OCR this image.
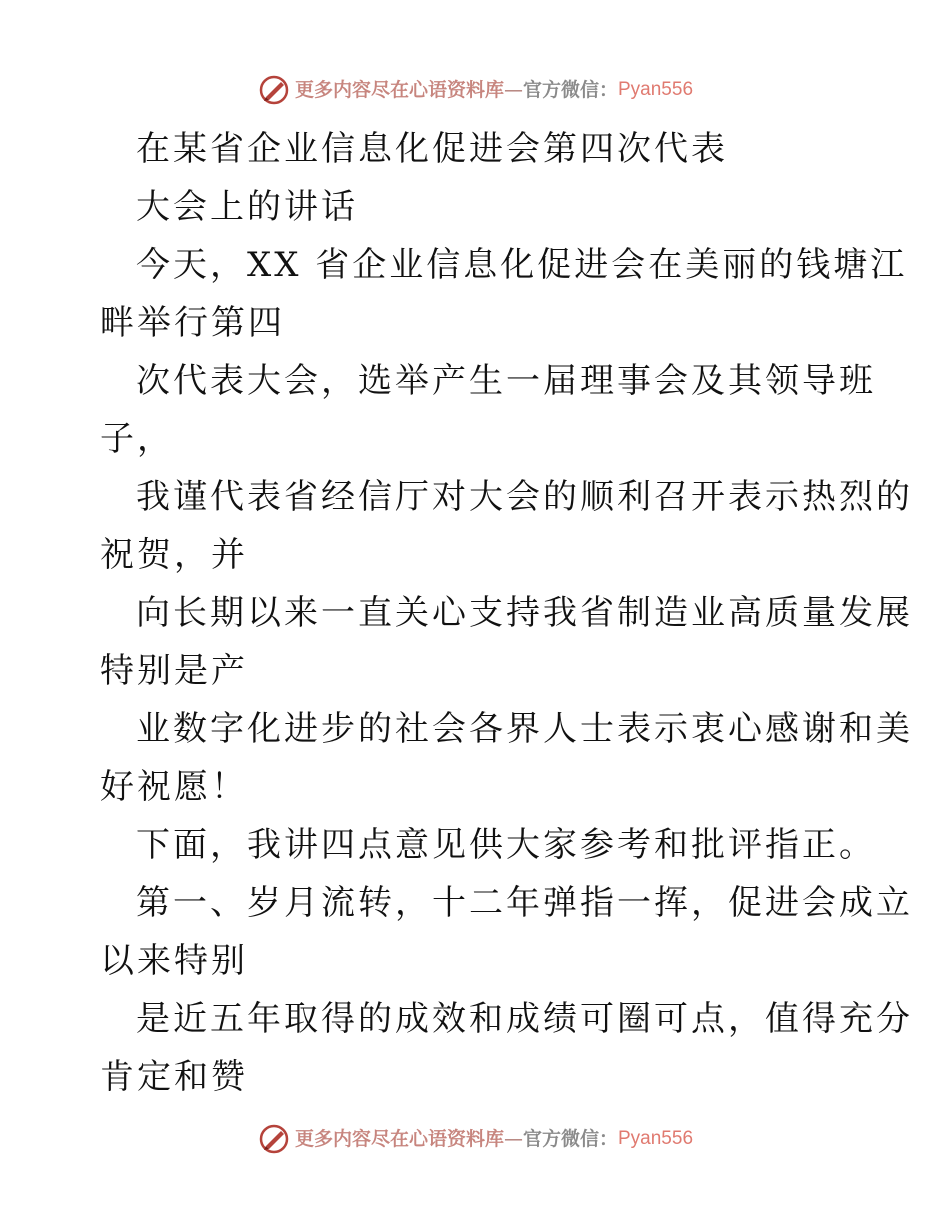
更多内容尽在心语资料库 — 官方微信： Pyan556

在某省企业信息化促进会第四次代表

大会上的讲话

今天，XX 省企业信息化促进会在美丽的钱塘江

畔举行第四

次代表大会，选举产生一届理事会及其领导班

子，

我谨代表省经信厅对大会的顺利召开表示热烈的

祝贺，并

向长期以来一直关心支持我省制造业高质量发展

特别是产

业数字化进步的社会各界人士表示衷心感谢和美

好祝愿！

下面，我讲四点意见供大家参考和批评指正。

第一、岁月流转，十二年弹指一挥，促进会成立

以来特别

是近五年取得的成效和成绩可圈可点，值得充分

肯定和赞

更多内容尽在心语资料库 — 官方微信： Pyan556
